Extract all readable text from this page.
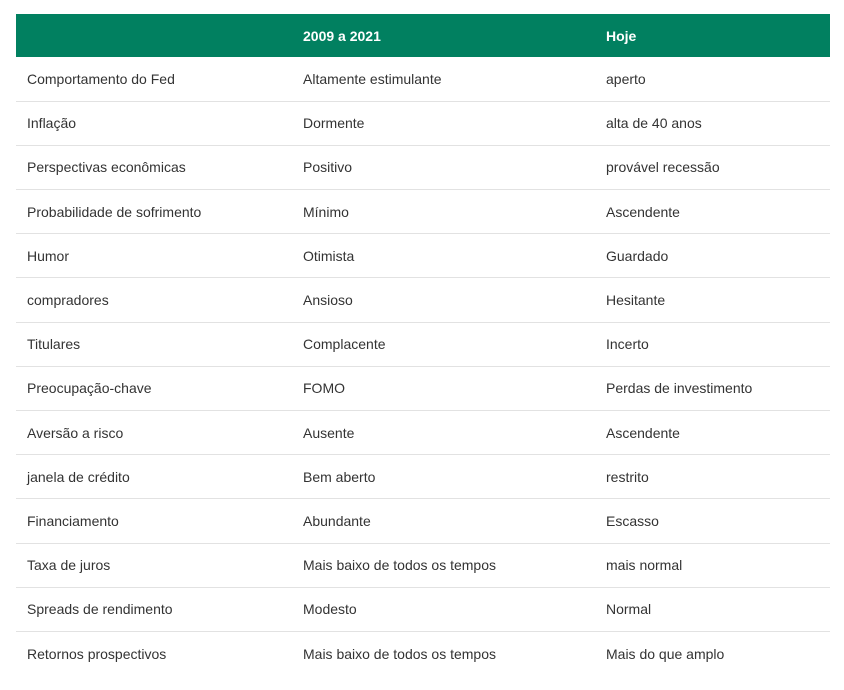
	2009 a 2021	Hoje
Comportamento do Fed	Altamente estimulante	aperto
Inflação	Dormente	alta de 40 anos
Perspectivas econômicas	Positivo	provável recessão
Probabilidade de sofrimento	Mínimo	Ascendente
Humor	Otimista	Guardado
compradores	Ansioso	Hesitante
Titulares	Complacente	Incerto
Preocupação-chave	FOMO	Perdas de investimento
Aversão a risco	Ausente	Ascendente
janela de crédito	Bem aberto	restrito
Financiamento	Abundante	Escasso
Taxa de juros	Mais baixo de todos os tempos	mais normal
Spreads de rendimento	Modesto	Normal
Retornos prospectivos	Mais baixo de todos os tempos	Mais do que amplo
